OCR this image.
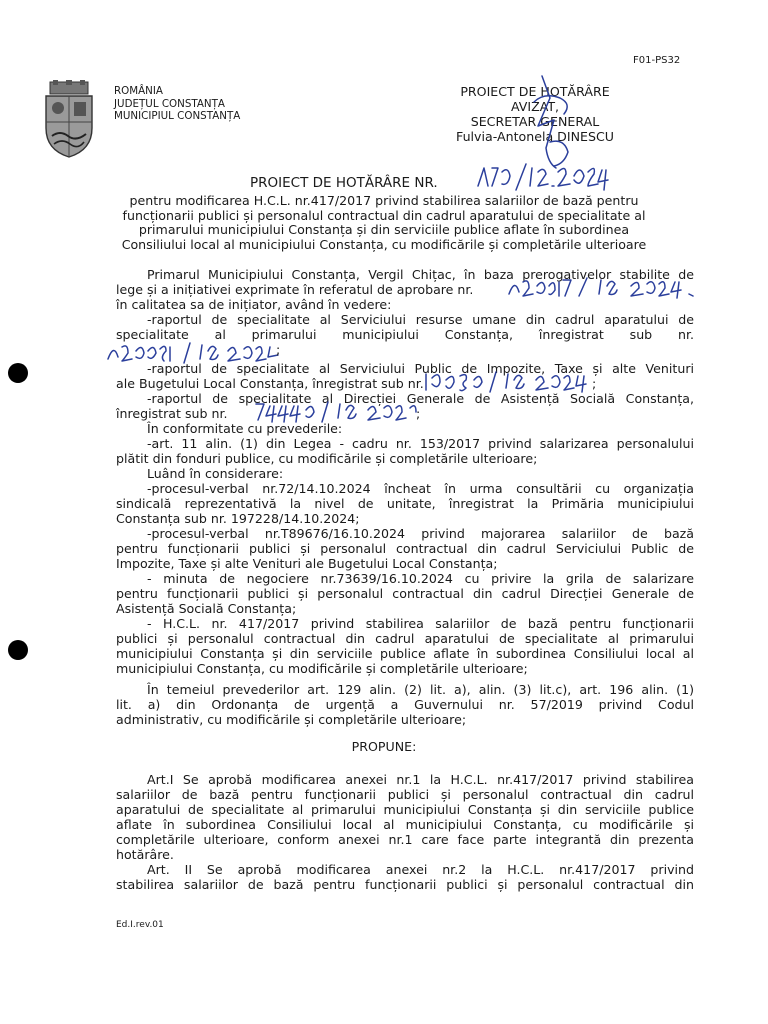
F01-PS32
ROMÂNIA
JUDEȚUL CONSTANȚA
MUNICIPIUL CONSTANȚA
PROIECT DE HOTĂRÂRE
AVIZAT,
SECRETAR GENERAL
Fulvia-Antonela DINESCU
PROIECT DE HOTĂRÂRE NR.
pentru modificarea H.C.L. nr.417/2017 privind stabilirea salariilor de bază pentru
funcționarii publici și personalul contractual din cadrul aparatului de specialitate al
primarului municipiului Constanța și din serviciile publice aflate în subordinea
Consiliului local al municipiului Constanța, cu modificările și completările ulterioare
Primarul Municipiului Constanța, Vergil Chițac, în baza prerogativelor stabilite de
lege și a inițiativei exprimate în referatul de aprobare nr.
în calitatea sa de inițiator, având în vedere:
-raportul de specialitate al Serviciului resurse umane din cadrul aparatului de
specialitate al primarului municipiului Constanța, înregistrat sub nr.
;
-raportul de specialitate al Serviciului Public de Impozite, Taxe și alte Venituri
ale Bugetului Local Constanța, înregistrat sub nr.	;
-raportul de specialitate al Direcției Generale de Asistență Socială Constanța,
înregistrat sub nr.	;
În conformitate cu prevederile:
-art. 11 alin. (1) din Legea - cadru nr. 153/2017 privind salarizarea personalului
plătit din fonduri publice, cu modificările și completările ulterioare;
Luând în considerare:
-procesul-verbal nr.72/14.10.2024 încheat în urma consultării cu organizația
sindicală reprezentativă la nivel de unitate, înregistrat la Primăria municipiului
Constanța sub nr. 197228/14.10.2024;
-procesul-verbal nr.T89676/16.10.2024 privind majorarea salariilor de bază
pentru funcționarii publici și personalul contractual din cadrul Serviciului Public de
Impozite, Taxe și alte Venituri ale Bugetului Local Constanța;
- minuta de negociere nr.73639/16.10.2024 cu privire la grila de salarizare
pentru funcționarii publici și personalul contractual din cadrul Direcției Generale de
Asistență Socială Constanța;
- H.C.L. nr. 417/2017 privind stabilirea salariilor de bază pentru funcționarii
publici și personalul contractual din cadrul aparatului de specialitate al primarului
municipiului Constanța și din serviciile publice aflate în subordinea Consiliului local al
municipiului Constanța, cu modificările și completările ulterioare;
În temeiul prevederilor art. 129 alin. (2) lit. a), alin. (3) lit.c), art. 196 alin. (1)
lit. a) din Ordonanța de urgență a Guvernului nr. 57/2019 privind Codul
administrativ, cu modificările și completările ulterioare;
PROPUNE:
Art.I Se aprobă modificarea anexei nr.1 la H.C.L. nr.417/2017 privind stabilirea
salariilor de bază pentru funcționarii publici și personalul contractual din cadrul
aparatului de specialitate al primarului municipiului Constanța și din serviciile publice
aflate în subordinea Consiliului local al municipiului Constanța, cu modificările și
completările ulterioare, conform anexei nr.1 care face parte integrantă din prezenta
hotărâre.
Art. II Se aprobă modificarea anexei nr.2 la H.C.L. nr.417/2017 privind
stabilirea salariilor de bază pentru funcționarii publici și personalul contractual din
Ed.I.rev.01
